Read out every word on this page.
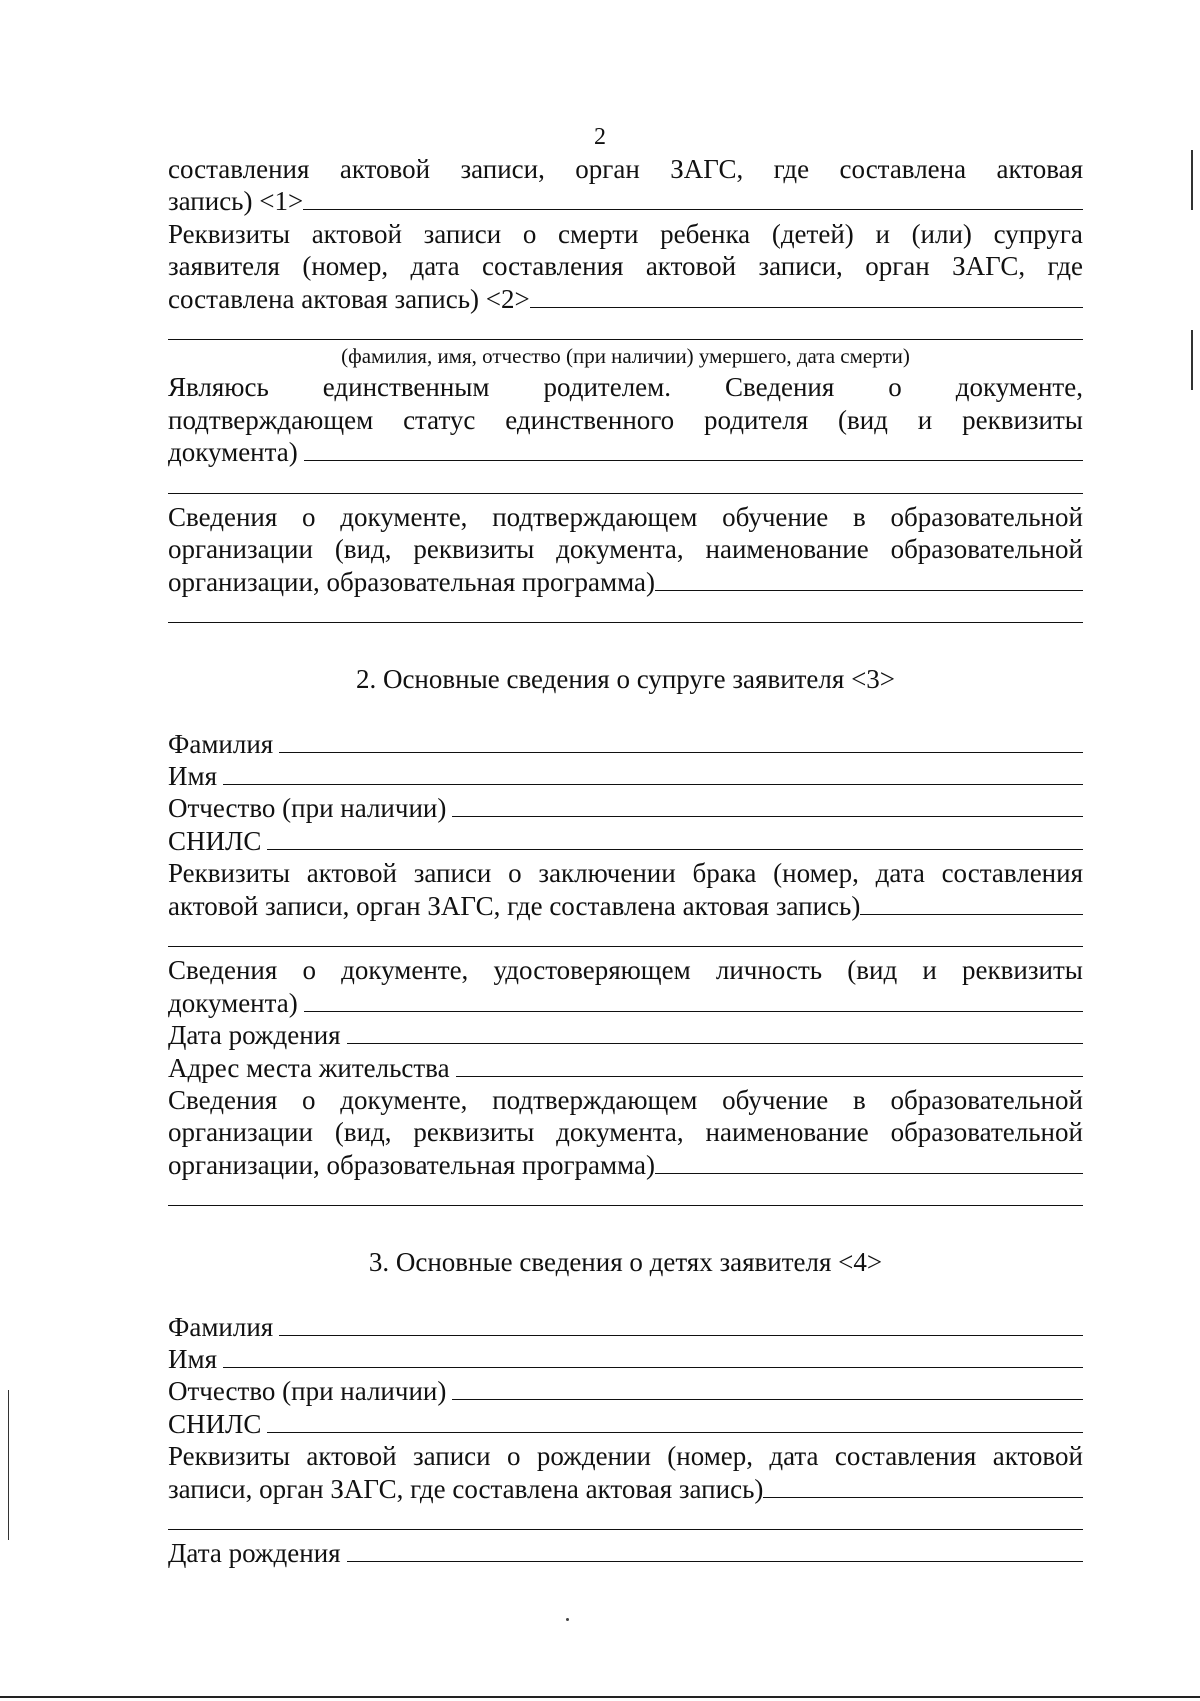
2
составления актовой записи, орган ЗАГС, где составлена актовая
запись) <1>
Реквизиты актовой записи о смерти ребенка (детей) и (или) супруга
заявителя (номер, дата составления актовой записи, орган ЗАГС, где
составлена актовая запись) <2>
(фамилия, имя, отчество (при наличии) умершего, дата смерти)
Являюсь единственным родителем. Сведения о документе,
подтверждающем статус единственного родителя (вид и реквизиты
документа)
Сведения о документе, подтверждающем обучение в образовательной
организации (вид, реквизиты документа, наименование образовательной
организации, образовательная программа)
2. Основные сведения о супруге заявителя <3>
Фамилия
Имя
Отчество (при наличии)
СНИЛС
Реквизиты актовой записи о заключении брака (номер, дата составления
актовой записи, орган ЗАГС, где составлена актовая запись)
Сведения о документе, удостоверяющем личность (вид и реквизиты
документа)
Дата рождения
Адрес места жительства
Сведения о документе, подтверждающем обучение в образовательной
организации (вид, реквизиты документа, наименование образовательной
организации, образовательная программа)
3. Основные сведения о детях заявителя <4>
Фамилия
Имя
Отчество (при наличии)
СНИЛС
Реквизиты актовой записи о рождении (номер, дата составления актовой
записи, орган ЗАГС, где составлена актовая запись)
Дата рождения
